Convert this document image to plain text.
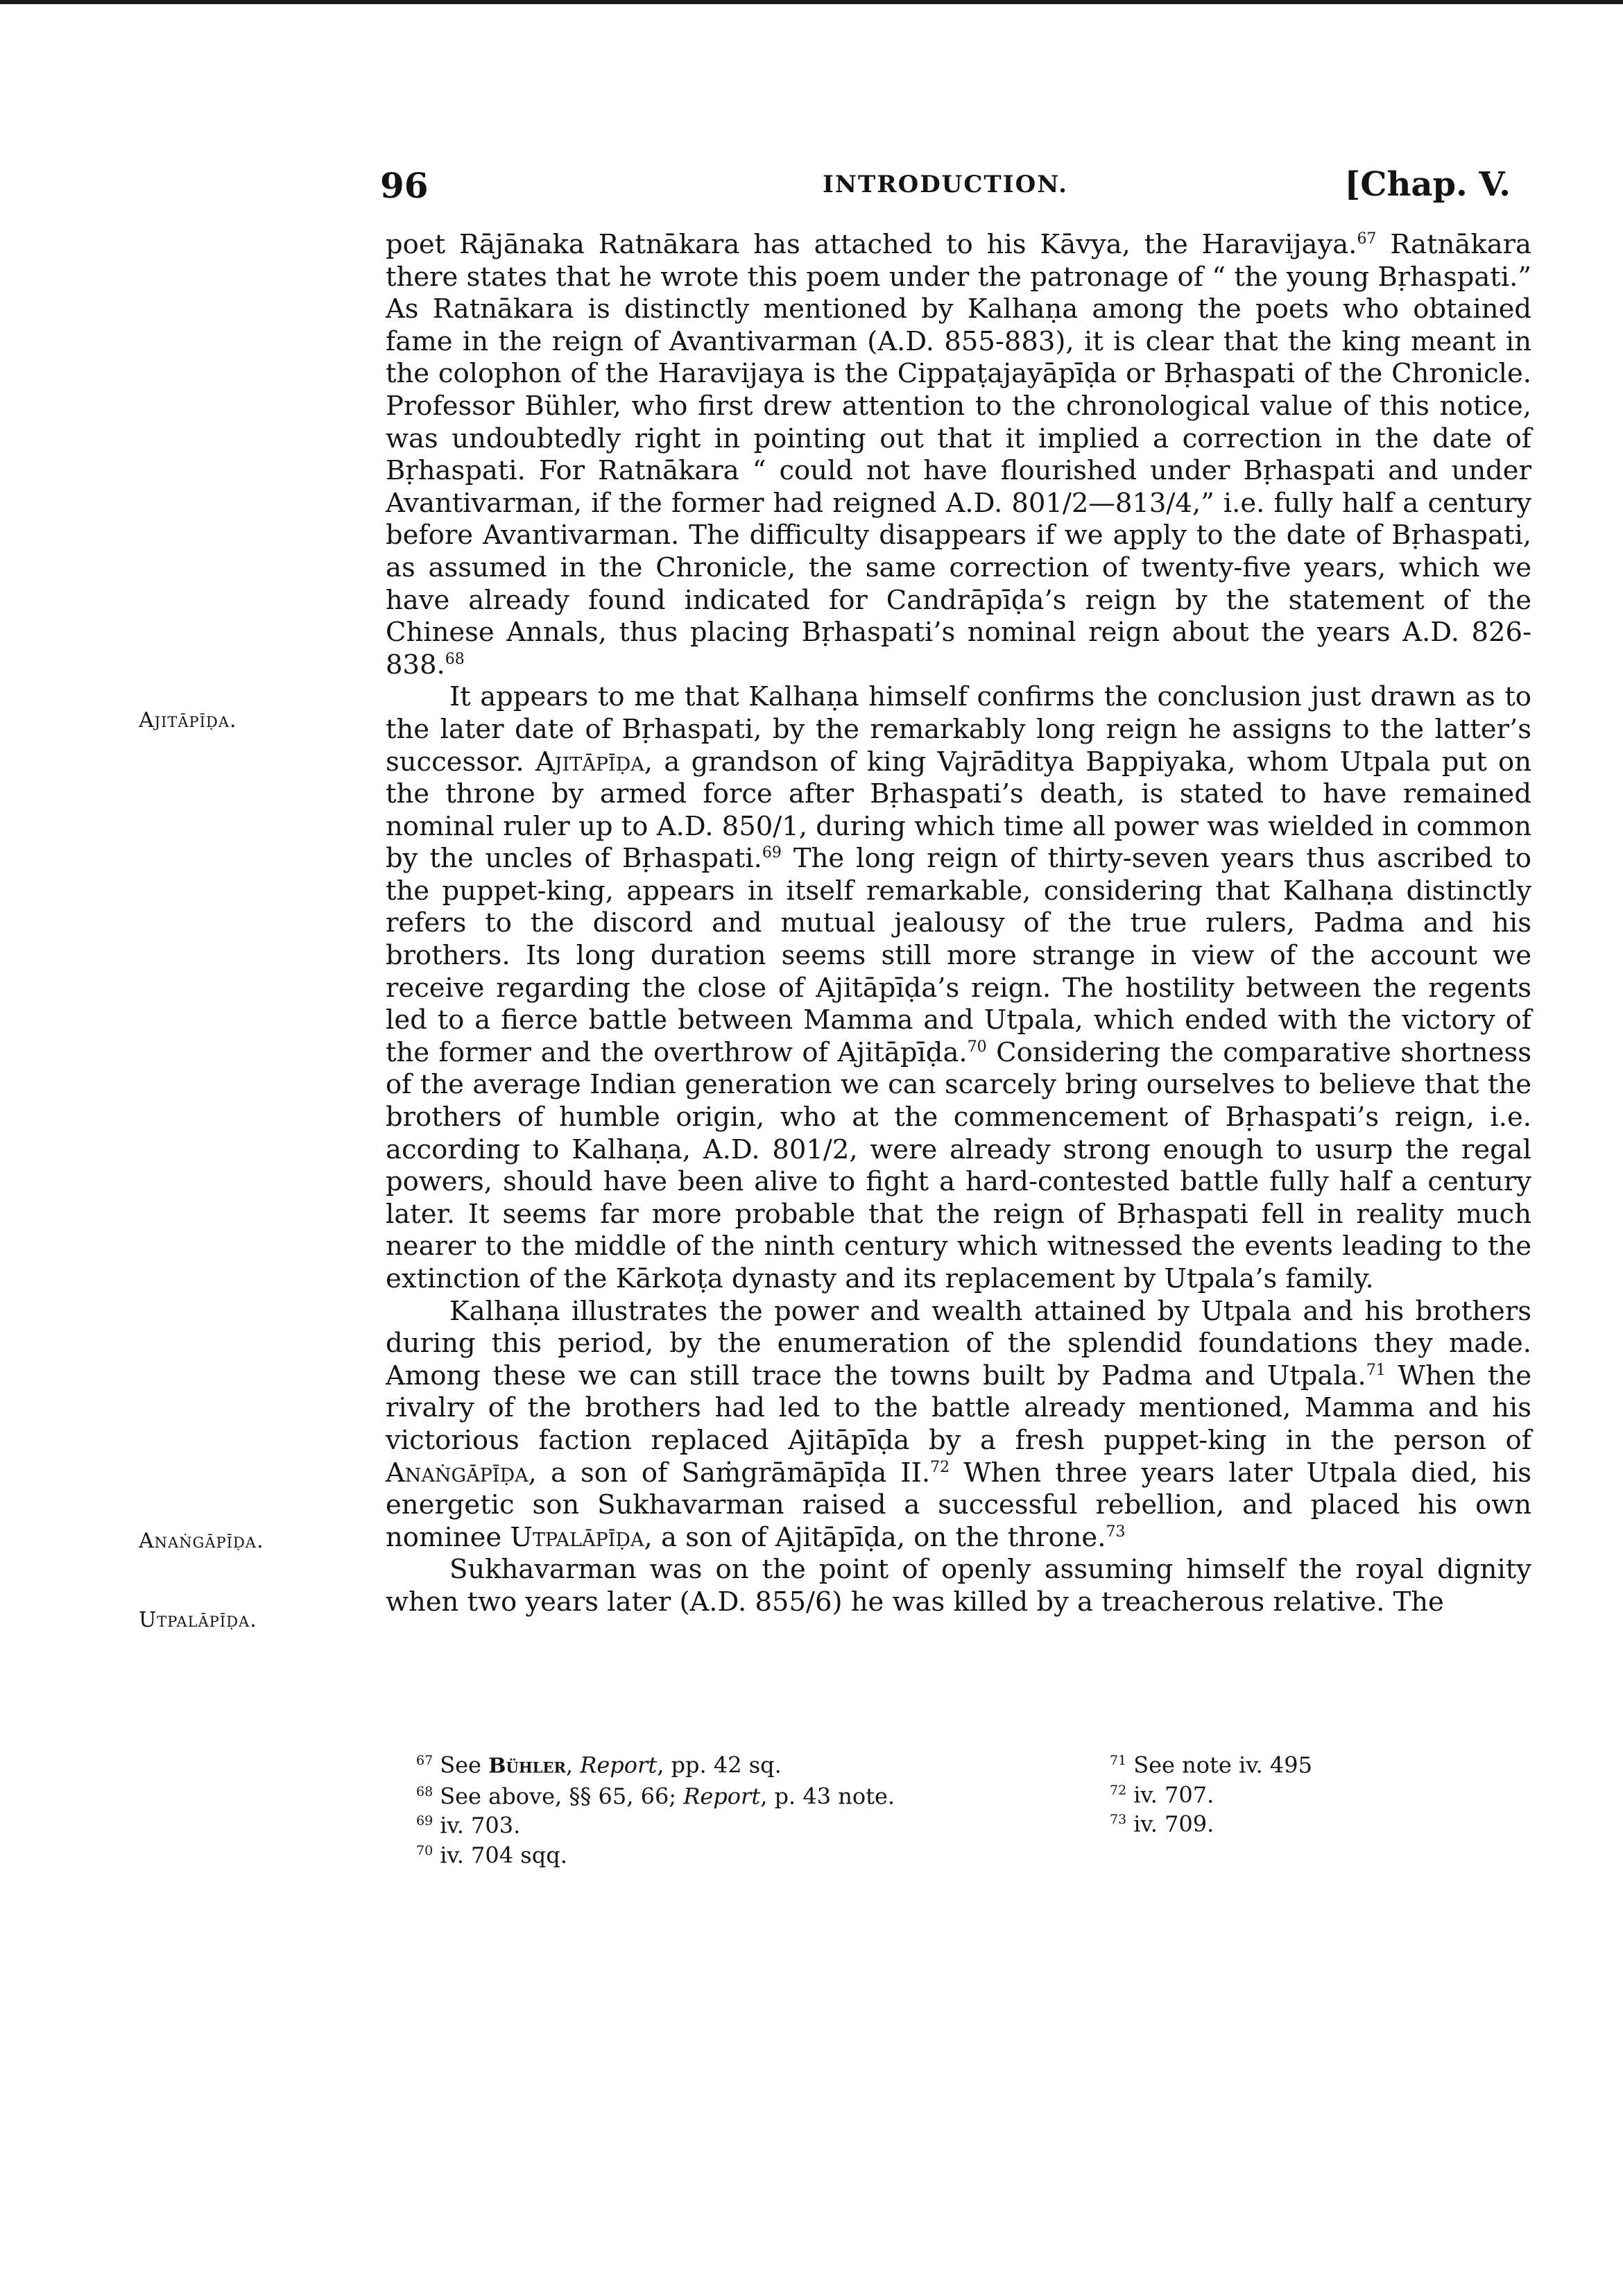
96	INTRODUCTION.	[Chap. V.
Ajitāpīḍa.
Anaṅgāpīḍa.
Utpalāpīḍa.

poet Rājānaka Ratnākara has attached to his Kāvya, the Haravijaya.$^{67}$ Ratnākara there states that he wrote this poem under the patronage of “ the young Bṛhaspati.” As Ratnākara is distinctly mentioned by Kalhaṇa among the poets who obtained fame in the reign of Avantivarman (A.D. 855-883), it is clear that the king meant in the colophon of the Haravijaya is the Cippaṭajayāpīḍa or Bṛhaspati of the Chronicle. Professor Bühler, who first drew attention to the chronological value of this notice, was undoubtedly right in pointing out that it implied a correction in the date of Bṛhaspati. For Ratnākara “ could not have flourished under Bṛhaspati and under Avantivarman, if the former had reigned A.D. 801/2—813/4,” i.e. fully half a century before Avantivarman. The difficulty disappears if we apply to the date of Bṛhaspati, as assumed in the Chronicle, the same correction of twenty-five years, which we have already found indicated for Candrāpīḍa’s reign by the statement of the Chinese Annals, thus placing Bṛhaspati’s nominal reign about the years A.D. 826-838.68

It appears to me that Kalhaṇa himself confirms the conclusion just drawn as to the later date of Bṛhaspati, by the remarkably long reign he assigns to the latter’s successor. Ajitāpīḍa, a grandson of king Vajrāditya Bappiyaka, whom Utpala put on the throne by armed force after Bṛhaspati’s death, is stated to have remained nominal ruler up to A.D. 850/1, during which time all power was wielded in common by the uncles of Bṛhaspati.$^{69}$ The long reign of thirty-seven years thus ascribed to the puppet-king, appears in itself remarkable, considering that Kalhaṇa distinctly refers to the discord and mutual jealousy of the true rulers, Padma and his brothers. Its long duration seems still more strange in view of the account we receive regarding the close of Ajitāpīḍa’s reign. The hostility between the regents led to a fierce battle between Mamma and Utpala, which ended with the victory of the former and the overthrow of Ajitāpīḍa.$^{70}$ Considering the comparative shortness of the average Indian generation we can scarcely bring ourselves to believe that the brothers of humble origin, who at the commencement of Bṛhaspati’s reign, i.e. according to Kalhaṇa, A.D. 801/2, were already strong enough to usurp the regal powers, should have been alive to fight a hard-contested battle fully half a century later. It seems far more probable that the reign of Bṛhaspati fell in reality much nearer to the middle of the ninth century which witnessed the events leading to the extinction of the Kārkoṭa dynasty and its replacement by Utpala’s family.

Kalhaṇa illustrates the power and wealth attained by Utpala and his brothers during this period, by the enumeration of the splendid foundations they made. Among these we can still trace the towns built by Padma and Utpala.$^{71}$ When the rivalry of the brothers had led to the battle already mentioned, Mamma and his victorious faction replaced Ajitāpīḍa by a fresh puppet-king in the person of Anaṅgāpīḍa, a son of Saṁgrāmāpīḍa II.$^{72}$ When three years later Utpala died, his energetic son Sukhavarman raised a successful rebellion, and placed his own nominee Utpalāpīḍa, a son of Ajitāpīḍa, on the throne.$^{73}$

Sukhavarman was on the point of openly assuming himself the royal dignity when two years later (A.D. 855/6) he was killed by a treacherous relative. The

$^{67}$ See Bühler, Report, pp. 42 sq.
$^{68}$ See above, §§ 65, 66; Report, p. 43 note.
$^{69}$ iv. 703.
$^{70}$ iv. 704 sqq.
$^{71}$ See note iv. 495
$^{72}$ iv. 707.
$^{73}$ iv. 709.
